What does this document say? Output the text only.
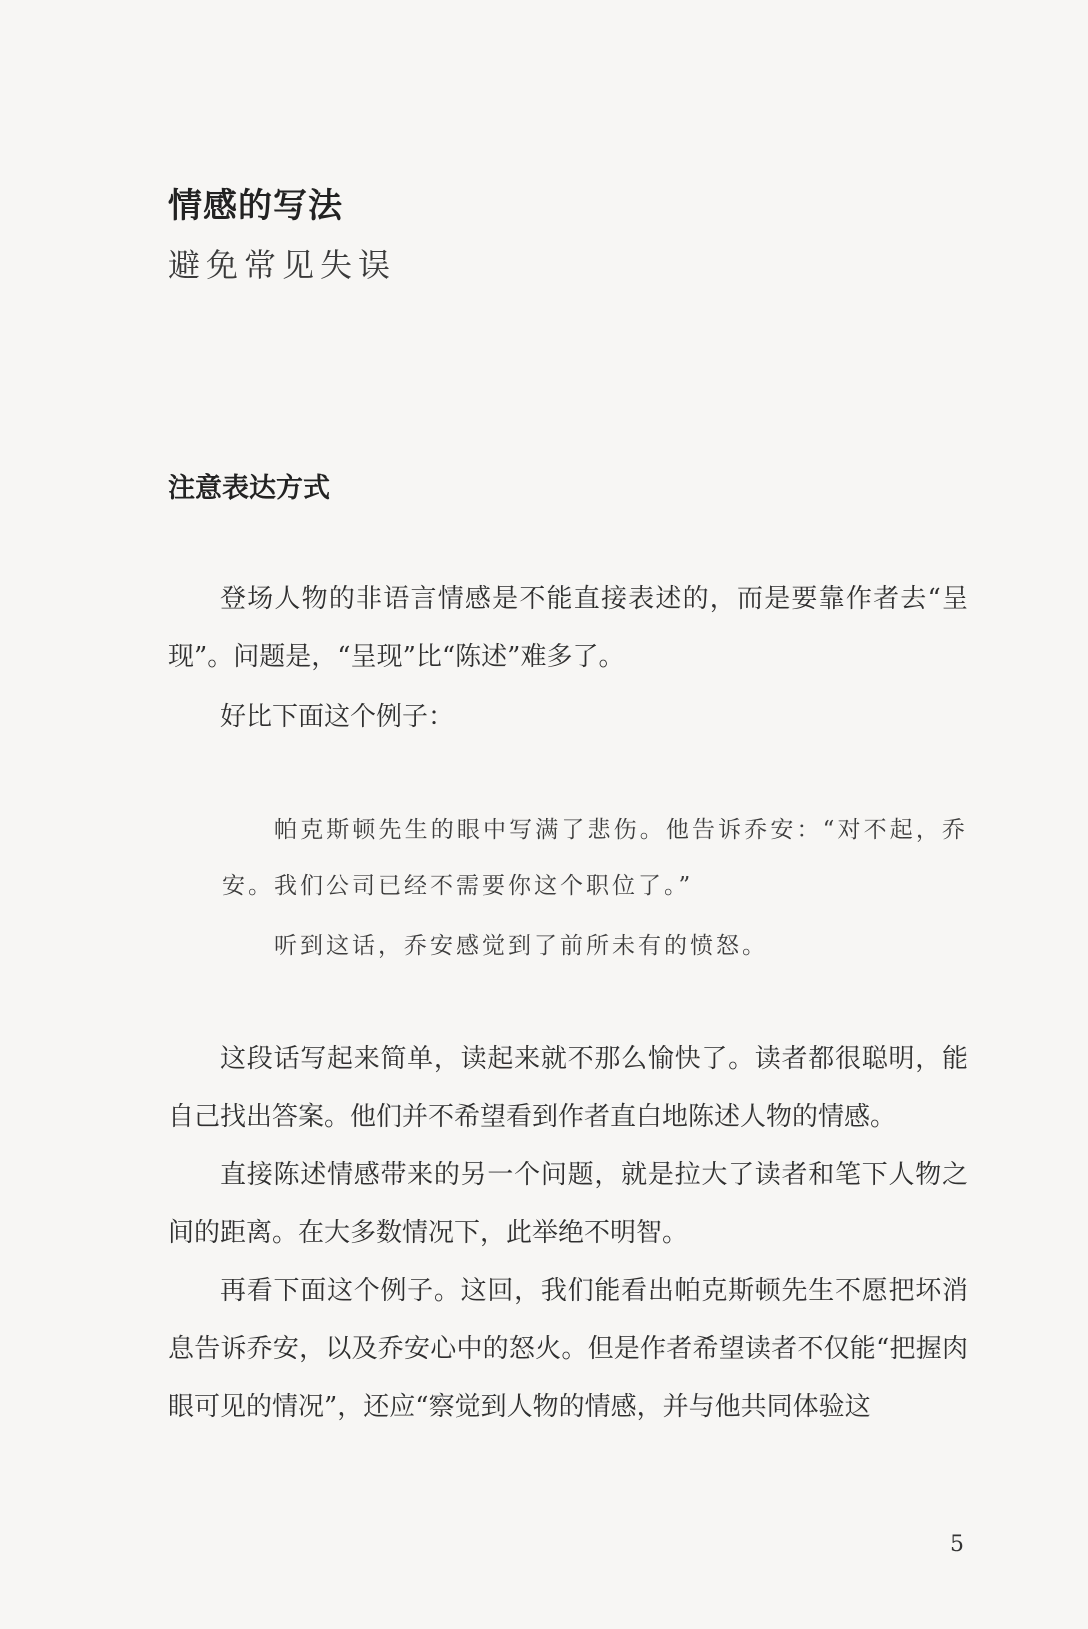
情感的写法
避免常见失误
注意表达方式

登场人物的非语言情感是不能直接表述的，而是要靠作者去“呈现”。问题是，“呈现”比“陈述”难多了。

好比下面这个例子：

帕克斯顿先生的眼中写满了悲伤。他告诉乔安：“对不起，乔安。我们公司已经不需要你这个职位了。”

听到这话，乔安感觉到了前所未有的愤怒。

这段话写起来简单，读起来就不那么愉快了。读者都很聪明，能自己找出答案。他们并不希望看到作者直白地陈述人物的情感。

直接陈述情感带来的另一个问题，就是拉大了读者和笔下人物之间的距离。在大多数情况下，此举绝不明智。

再看下面这个例子。这回，我们能看出帕克斯顿先生不愿把坏消息告诉乔安，以及乔安心中的怒火。但是作者希望读者不仅能“把握肉眼可见的情况”，还应“察觉到人物的情感，并与他共同体验这

5
